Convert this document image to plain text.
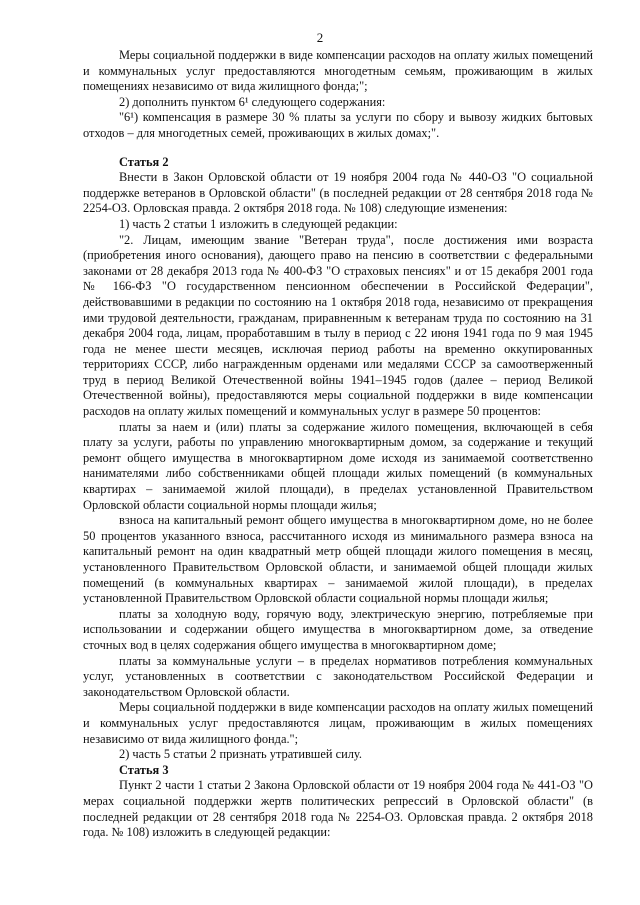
2

Меры социальной поддержки в виде компенсации расходов на оплату жилых помещений и коммунальных услуг предоставляются многодетным семьям, проживающим в жилых помещениях независимо от вида жилищного фонда;";

2) дополнить пунктом 6¹ следующего содержания:

"6¹) компенсация в размере 30 % платы за услуги по сбору и вывозу жидких бытовых отходов – для многодетных семей, проживающих в жилых домах;".

Статья 2

Внести в Закон Орловской области от 19 ноября 2004 года № 440-ОЗ "О социальной поддержке ветеранов в Орловской области" (в последней редакции от 28 сентября 2018 года № 2254-ОЗ. Орловская правда. 2 октября 2018 года. № 108) следующие изменения:

1) часть 2 статьи 1 изложить в следующей редакции:

"2. Лицам, имеющим звание "Ветеран труда", после достижения ими возраста (приобретения иного основания), дающего право на пенсию в соответствии с федеральными законами от 28 декабря 2013 года № 400-ФЗ "О страховых пенсиях" и от 15 декабря 2001 года № 166-ФЗ "О государственном пенсионном обеспечении в Российской Федерации", действовавшими в редакции по состоянию на 1 октября 2018 года, независимо от прекращения ими трудовой деятельности, гражданам, приравненным к ветеранам труда по состоянию на 31 декабря 2004 года, лицам, проработавшим в тылу в период с 22 июня 1941 года по 9 мая 1945 года не менее шести месяцев, исключая период работы на временно оккупированных территориях СССР, либо награжденным орденами или медалями СССР за самоотверженный труд в период Великой Отечественной войны 1941–1945 годов (далее – период Великой Отечественной войны), предоставляются меры социальной поддержки в виде компенсации расходов на оплату жилых помещений и коммунальных услуг в размере 50 процентов:

платы за наем и (или) платы за содержание жилого помещения, включающей в себя плату за услуги, работы по управлению многоквартирным домом, за содержание и текущий ремонт общего имущества в многоквартирном доме исходя из занимаемой соответственно нанимателями либо собственниками общей площади жилых помещений (в коммунальных квартирах – занимаемой жилой площади), в пределах установленной Правительством Орловской области социальной нормы площади жилья;

взноса на капитальный ремонт общего имущества в многоквартирном доме, но не более 50 процентов указанного взноса, рассчитанного исходя из минимального размера взноса на капитальный ремонт на один квадратный метр общей площади жилого помещения в месяц, установленного Правительством Орловской области, и занимаемой общей площади жилых помещений (в коммунальных квартирах – занимаемой жилой площади), в пределах установленной Правительством Орловской области социальной нормы площади жилья;

платы за холодную воду, горячую воду, электрическую энергию, потребляемые при использовании и содержании общего имущества в многоквартирном доме, за отведение сточных вод в целях содержания общего имущества в многоквартирном доме;

платы за коммунальные услуги – в пределах нормативов потребления коммунальных услуг, установленных в соответствии с законодательством Российской Федерации и законодательством Орловской области.

Меры социальной поддержки в виде компенсации расходов на оплату жилых помещений и коммунальных услуг предоставляются лицам, проживающим в жилых помещениях независимо от вида жилищного фонда.";

2) часть 5 статьи 2 признать утратившей силу.

Статья 3

Пункт 2 части 1 статьи 2 Закона Орловской области от 19 ноября 2004 года № 441-ОЗ "О мерах социальной поддержки жертв политических репрессий в Орловской области" (в последней редакции от 28 сентября 2018 года № 2254-ОЗ. Орловская правда. 2 октября 2018 года. № 108) изложить в следующей редакции:
